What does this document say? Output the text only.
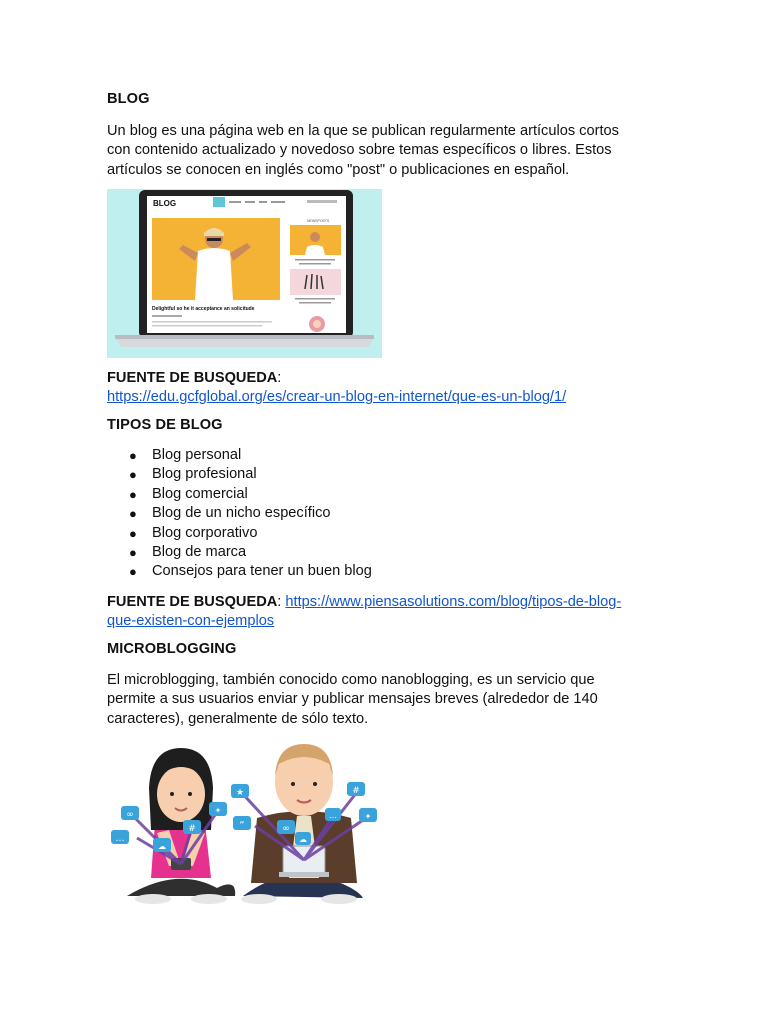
BLOG
Un blog es una página web en la que se publican regularmente artículos cortos
con contenido actualizado y novedoso sobre temas específicos o libres. Estos
artículos se conocen en inglés como "post" o publicaciones en español.
BLOG
Delightful so he it acceptance an solicitude
NEWSPOSTS
FUENTE DE BUSQUEDA:
https://edu.gcfglobal.org/es/crear-un-blog-en-internet/que-es-un-blog/1/
TIPOS DE BLOG
● Blog personal
● Blog profesional
● Blog comercial
● Blog de un nicho específico
● Blog corporativo
● Blog de marca
● Consejos para tener un buen blog
FUENTE DE BUSQUEDA: https://www.piensasolutions.com/blog/tipos-de-blog-
que-existen-con-ejemplos
MICROBLOGGING
El microblogging, también conocido como nanoblogging, es un servicio que
permite a sus usuarios enviar y publicar mensajes breves (alrededor de 140
caracteres), generalmente de sólo texto.
∞
…
✦
#
☁
★
“
#
✦
…
∞
☁
